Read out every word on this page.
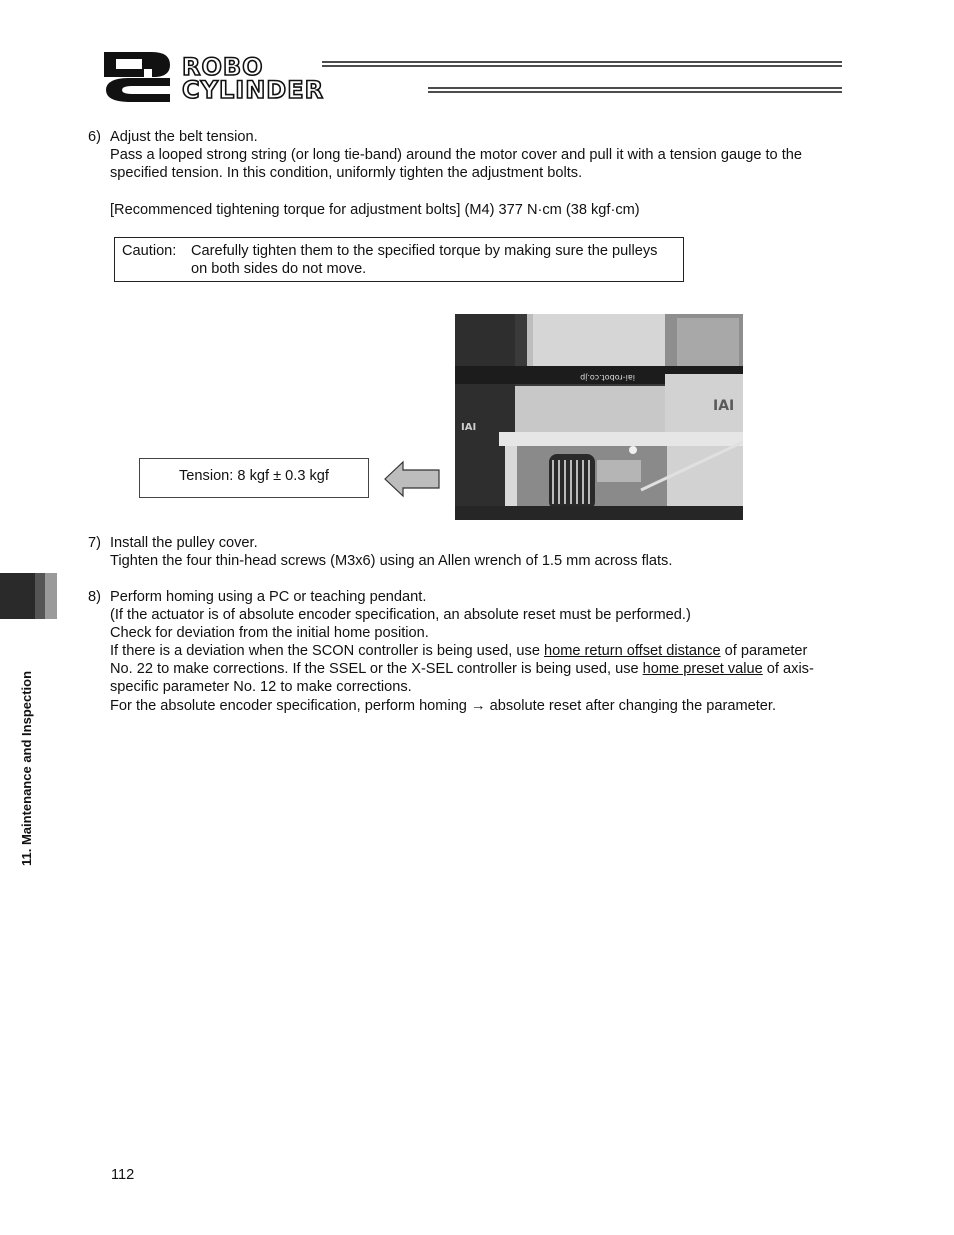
ROBO
CYLINDER
6) Adjust the belt tension.
Pass a looped strong string (or long tie-band) around the motor cover and pull it with a tension gauge to the
specified tension. In this condition, uniformly tighten the adjustment bolts.
[Recommenced tightening torque for adjustment bolts] (M4) 377 N·cm (38 kgf·cm)
Caution: Carefully tighten them to the specified torque by making sure the pulleys on both sides do not move.
iai-robot.co.jp
IAI
IAI
Tension: 8 kgf ± 0.3 kgf
7) Install the pulley cover.
Tighten the four thin-head screws (M3x6) using an Allen wrench of 1.5 mm across flats.
8) Perform homing using a PC or teaching pendant.
(If the actuator is of absolute encoder specification, an absolute reset must be performed.)
Check for deviation from the initial home position.
If there is a deviation when the SCON controller is being used, use home return offset distance of parameter
No. 22 to make corrections. If the SSEL or the X-SEL controller is being used, use home preset value of axis-
specific parameter No. 12 to make corrections.
For the absolute encoder specification, perform homing → absolute reset after changing the parameter.
11. Maintenance and Inspection
112
